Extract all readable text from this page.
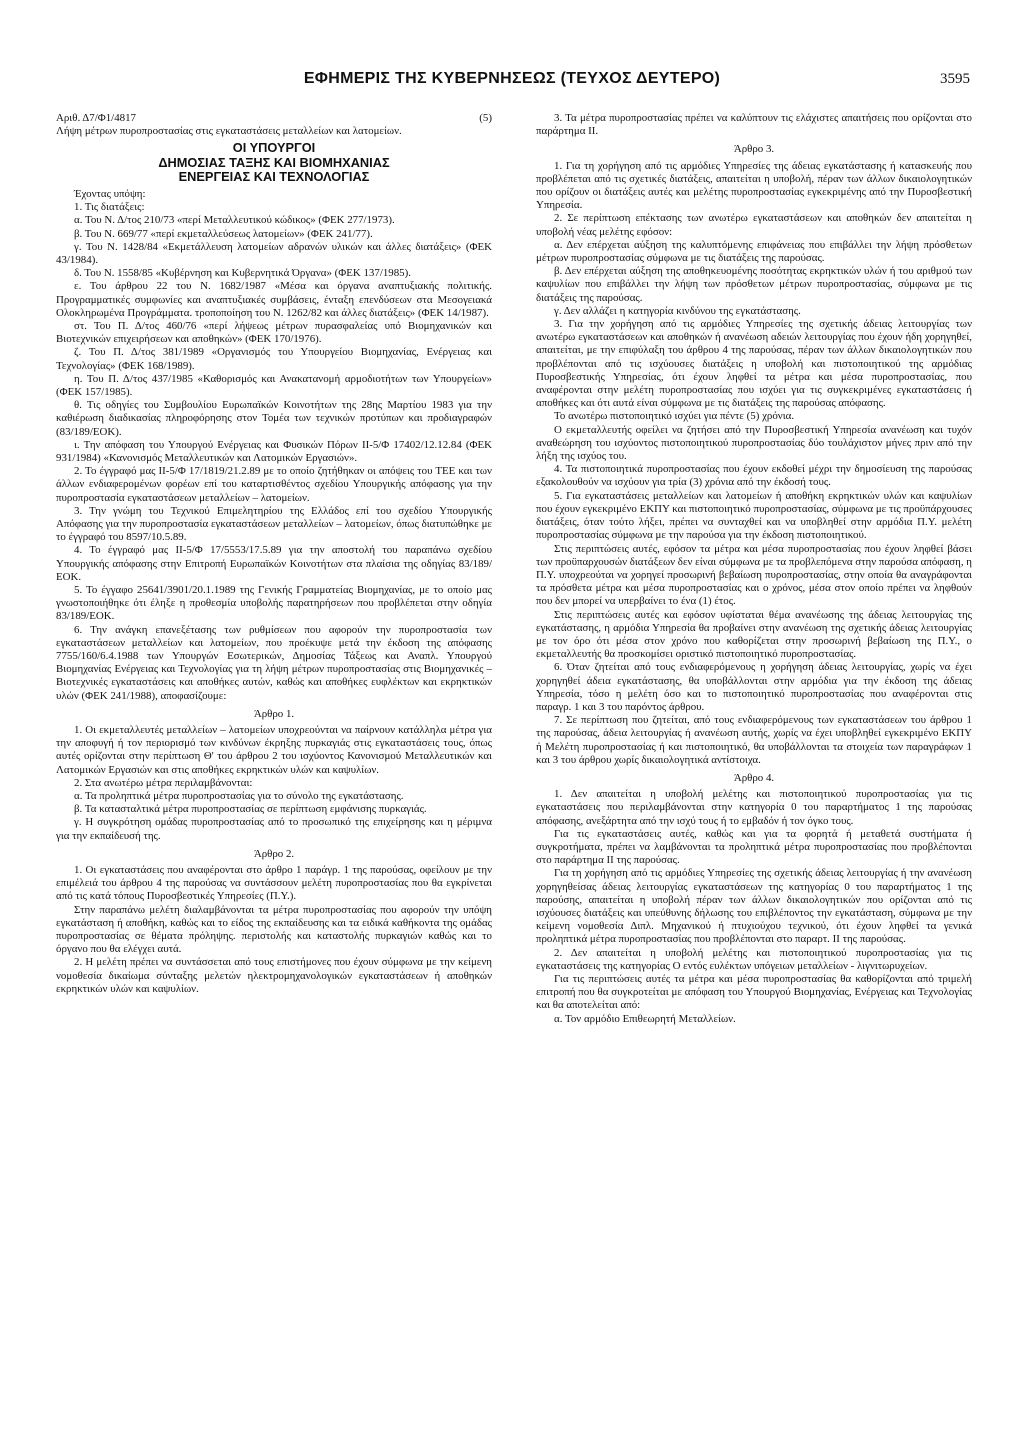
ΕΦΗΜΕΡΙΣ ΤΗΣ ΚΥΒΕΡΝΗΣΕΩΣ (ΤΕΥΧΟΣ ΔΕΥΤΕΡΟ)	3595
Αριθ. Δ7/Φ1/4817	(5)

Λήψη μέτρων πυροπροστασίας στις εγκαταστάσεις μεταλλείων και λατομείων.

ΟΙ ΥΠΟΥΡΓΟΙ
ΔΗΜΟΣΙΑΣ ΤΑΞΗΣ ΚΑΙ ΒΙΟΜΗΧΑΝΙΑΣ
ΕΝΕΡΓΕΙΑΣ ΚΑΙ ΤΕΧΝΟΛΟΓΙΑΣ

Έχοντας υπόψη:

1. Τις διατάξεις:

α. Του Ν. Δ/τος 210/73 «περί Μεταλλευτικού κώδικος» (ΦΕΚ 277/1973).

β. Του Ν. 669/77 «περί εκμεταλλεύσεως λατομείων» (ΦΕΚ 241/77).

γ. Του Ν. 1428/84 «Εκμετάλλευση λατομείων αδρανών υλικών και άλλες διατάξεις» (ΦΕΚ 43/1984).

δ. Του Ν. 1558/85 «Κυβέρνηση και Κυβερνητικά Όργανα» (ΦΕΚ 137/1985).

ε. Του άρθρου 22 του Ν. 1682/1987 «Μέσα και όργανα αναπτυξιακής πολιτικής. Προγραμματικές συμφωνίες και αναπτυξιακές συμβάσεις, ένταξη επενδύσεων στα Μεσογειακά Ολοκληρωμένα Προγράμματα. τροποποίηση του Ν. 1262/82 και άλλες διατάξεις» (ΦΕΚ 14/1987).

στ. Του Π. Δ/τος 460/76 «περί λήψεως μέτρων πυρασφαλείας υπό Βιομηχανικών και Βιοτεχνικών επιχειρήσεων και αποθηκών» (ΦΕΚ 170/1976).

ζ. Του Π. Δ/τος 381/1989 «Οργανισμός του Υπουργείου Βιομηχανίας, Ενέργειας και Τεχνολογίας» (ΦΕΚ 168/1989).

η. Του Π. Δ/τος 437/1985 «Καθορισμός και Ανακατανομή αρμοδιοτήτων των Υπουργείων» (ΦΕΚ 157/1985).

θ. Τις οδηγίες του Συμβουλίου Ευρωπαϊκών Κοινοτήτων της 28ης Μαρτίου 1983 για την καθιέρωση διαδικασίας πληροφόρησης στον Τομέα των τεχνικών προτύπων και προδιαγραφών (83/189/ΕΟΚ).

ι. Την απόφαση του Υπουργού Ενέργειας και Φυσικών Πόρων ΙΙ-5/Φ 17402/12.12.84 (ΦΕΚ 931/1984) «Κανονισμός Μεταλλευτικών και Λατομικών Εργασιών».

2. Το έγγραφό μας ΙΙ-5/Φ 17/1819/21.2.89 με το οποίο ζητήθηκαν οι απόψεις του ΤΕΕ και των άλλων ενδιαφερομένων φορέων επί του καταρτισθέντος σχεδίου Υπουργικής απόφασης για την πυροπροστασία εγκαταστάσεων μεταλλείων – λατομείων.

3. Την γνώμη του Τεχνικού Επιμελητηρίου της Ελλάδος επί του σχεδίου Υπουργικής Απόφασης για την πυροπροστασία εγκαταστάσεων μεταλλείων – λατομείων, όπως διατυπώθηκε με το έγγραφό του 8597/10.5.89.

4. Το έγγραφό μας ΙΙ-5/Φ 17/5553/17.5.89 για την αποστολή του παραπάνω σχεδίου Υπουργικής απόφασης στην Επιτροπή Ευρωπαϊκών Κοινοτήτων στα πλαίσια της οδηγίας 83/189/ΕΟΚ.

5. Το έγγαφο 25641/3901/20.1.1989 της Γενικής Γραμματείας Βιομηχανίας, με το οποίο μας γνωστοποιήθηκε ότι έληξε η προθεσμία υποβολής παρατηρήσεων που προβλέπεται στην οδηγία 83/189/ΕΟΚ.

6. Την ανάγκη επανεξέτασης των ρυθμίσεων που αφορούν την πυροπροστασία των εγκαταστάσεων μεταλλείων και λατομείων, που προέκυψε μετά την έκδοση της απόφασης 7755/160/6.4.1988 των Υπουργών Εσωτερικών, Δημοσίας Τάξεως και Αναπλ. Υπουργού Βιομηχανίας Ενέργειας και Τεχνολογίας για τη λήψη μέτρων πυροπροστασίας στις Βιομηχανικές – Βιοτεχνικές εγκαταστάσεις και αποθήκες αυτών, καθώς και αποθήκες ευφλέκτων και εκρηκτικών υλών (ΦΕΚ 241/1988), αποφασίζουμε:

Άρθρο 1.

1. Οι εκμεταλλευτές μεταλλείων – λατομείων υποχρεούνται να παίρνουν κατάλληλα μέτρα για την αποφυγή ή τον περιορισμό των κινδύνων έκρηξης πυρκαγιάς στις εγκαταστάσεις τους, όπως αυτές ορίζονται στην περίπτωση Θ' του άρθρου 2 του ισχύοντος Κανονισμού Μεταλλευτικών και Λατομικών Εργασιών και στις αποθήκες εκρηκτικών υλών και καψυλίων.

2. Στα ανωτέρω μέτρα περιλαμβάνονται:

α. Τα προληπτικά μέτρα πυροπροστασίας για το σύνολο της εγκατάστασης.

β. Τα κατασταλτικά μέτρα πυροπροστασίας σε περίπτωση εμφάνισης πυρκαγιάς.

γ. Η συγκρότηση ομάδας πυροπροστασίας από το προσωπικό της επιχείρησης και η μέριμνα για την εκπαίδευσή της.

Άρθρο 2.

1. Οι εγκαταστάσεις που αναφέρονται στο άρθρο 1 παράγρ. 1 της παρούσας, οφείλουν με την επιμέλειά του άρθρου 4 της παρούσας να συντάσσουν μελέτη πυροπροστασίας που θα εγκρίνεται από τις κατά τόπους Πυροσβεστικές Υπηρεσίες (Π.Υ.).

Στην παραπάνω μελέτη διαλαμβάνονται τα μέτρα πυροπροστασίας που αφορούν την υπόψη εγκατάσταση ή αποθήκη, καθώς και το είδος της εκπαίδευσης και τα ειδικά καθήκοντα της ομάδας πυροπροστασίας σε θέματα πρόληψης. περιστολής και καταστολής πυρκαγιών καθώς και το όργανο που θα ελέγχει αυτά.

2. Η μελέτη πρέπει να συντάσσεται από τους επιστήμονες που έχουν σύμφωνα με την κείμενη νομοθεσία δικαίωμα σύνταξης μελετών ηλεκτρομηχανολογικών εγκαταστάσεων ή αποθηκών εκρηκτικών υλών και καψυλίων.

3. Τα μέτρα πυροπροστασίας πρέπει να καλύπτουν τις ελάχιστες απαιτήσεις που ορίζονται στο παράρτημα ΙΙ.

Άρθρο 3.

1. Για τη χορήγηση από τις αρμόδιες Υπηρεσίες της άδειας εγκατάστασης ή κατασκευής που προβλέπεται από τις σχετικές διατάξεις, απαιτείται η υποβολή, πέραν των άλλων δικαιολογητικών που ορίζουν οι διατάξεις αυτές και μελέτης πυροπροστασίας εγκεκριμένης από την Πυροσβεστική Υπηρεσία.

2. Σε περίπτωση επέκτασης των ανωτέρω εγκαταστάσεων και αποθηκών δεν απαιτείται η υποβολή νέας μελέτης εφόσον:

α. Δεν επέρχεται αύξηση της καλυπτόμενης επιφάνειας που επιβάλλει την λήψη πρόσθετων μέτρων πυροπροστασίας σύμφωνα με τις διατάξεις της παρούσας.

β. Δεν επέρχεται αύξηση της αποθηκευομένης ποσότητας εκρηκτικών υλών ή του αριθμού των καψυλίων που επιβάλλει την λήψη των πρόσθετων μέτρων πυροπροστασίας, σύμφωνα με τις διατάξεις της παρούσας.

γ. Δεν αλλάζει η κατηγορία κινδύνου της εγκατάστασης.

3. Για την χορήγηση από τις αρμόδιες Υπηρεσίες της σχετικής άδειας λειτουργίας των ανωτέρω εγκαταστάσεων και αποθηκών ή ανανέωση αδειών λειτουργίας που έχουν ήδη χορηγηθεί, απαιτείται, με την επιφύλαξη του άρθρου 4 της παρούσας, πέραν των άλλων δικαιολογητικών που προβλέπονται από τις ισχύουσες διατάξεις η υποβολή και πιστοποιητικού της αρμόδιας Πυροσβεστικής Υπηρεσίας, ότι έχουν ληφθεί τα μέτρα και μέσα πυροπροστασίας, που αναφέρονται στην μελέτη πυροπροστασίας που ισχύει για τις συγκεκριμένες εγκαταστάσεις ή αποθήκες και ότι αυτά είναι σύμφωνα με τις διατάξεις της παρούσας απόφασης.

Το ανωτέρω πιστοποιητικό ισχύει για πέντε (5) χρόνια.

Ο εκμεταλλευτής οφείλει να ζητήσει από την Πυροσβεστική Υπηρεσία ανανέωση και τυχόν αναθεώρηση του ισχύοντος πιστοποιητικού πυροπροστασίας δύο τουλάχιστον μήνες πριν από την λήξη της ισχύος του.

4. Τα πιστοποιητικά πυροπροστασίας που έχουν εκδοθεί μέχρι την δημοσίευση της παρούσας εξακολουθούν να ισχύουν για τρία (3) χρόνια από την έκδοσή τους.

5. Για εγκαταστάσεις μεταλλείων και λατομείων ή αποθήκη εκρηκτικών υλών και καψυλίων που έχουν εγκεκριμένο ΕΚΠΥ και πιστοποιητικό πυροπροστασίας, σύμφωνα με τις προϋπάρχουσες διατάξεις, όταν τούτο λήξει, πρέπει να συνταχθεί και να υποβληθεί στην αρμόδια Π.Υ. μελέτη πυροπροστασίας σύμφωνα με την παρούσα για την έκδοση πιστοποιητικού.

Στις περιπτώσεις αυτές, εφόσον τα μέτρα και μέσα πυροπροστασίας που έχουν ληφθεί βάσει των προϋπαρχουσών διατάξεων δεν είναι σύμφωνα με τα προβλεπόμενα στην παρούσα απόφαση, η Π.Υ. υποχρεούται να χορηγεί προσωρινή βεβαίωση πυροπροστασίας, στην οποία θα αναγράφονται τα πρόσθετα μέτρα και μέσα πυροπροστασίας και ο χρόνος, μέσα στον οποίο πρέπει να ληφθούν που δεν μπορεί να υπερβαίνει το ένα (1) έτος.

Στις περιπτώσεις αυτές και εφόσον υφίσταται θέμα ανανέωσης της άδειας λειτουργίας της εγκατάστασης, η αρμόδια Υπηρεσία θα προβαίνει στην ανανέωση της σχετικής άδειας λειτουργίας με τον όρο ότι μέσα στον χρόνο που καθορίζεται στην προσωρινή βεβαίωση της Π.Υ., ο εκμεταλλευτής θα προσκομίσει οριστικό πιστοποιητικό πυροπροστασίας.

6. Όταν ζητείται από τους ενδιαφερόμενους η χορήγηση άδειας λειτουργίας, χωρίς να έχει χορηγηθεί άδεια εγκατάστασης, θα υποβάλλονται στην αρμόδια για την έκδοση της άδειας Υπηρεσία, τόσο η μελέτη όσο και το πιστοποιητικό πυροπροστασίας που αναφέρονται στις παραγρ. 1 και 3 του παρόντος άρθρου.

7. Σε περίπτωση που ζητείται, από τους ενδιαφερόμενους των εγκαταστάσεων του άρθρου 1 της παρούσας, άδεια λειτουργίας ή ανανέωση αυτής, χωρίς να έχει υποβληθεί εγκεκριμένο ΕΚΠΥ ή Μελέτη πυροπροστασίας ή και πιστοποιητικό, θα υποβάλλονται τα στοιχεία των παραγράφων 1 και 3 του άρθρου χωρίς δικαιολογητικά αντίστοιχα.

Άρθρο 4.

1. Δεν απαιτείται η υποβολή μελέτης και πιστοποιητικού πυροπροστασίας για τις εγκαταστάσεις που περιλαμβάνονται στην κατηγορία 0 του παραρτήματος 1 της παρούσας απόφασης, ανεξάρτητα από την ισχύ τους ή το εμβαδόν ή τον όγκο τους.

Για τις εγκαταστάσεις αυτές, καθώς και για τα φορητά ή μεταθετά συστήματα ή συγκροτήματα, πρέπει να λαμβάνονται τα προληπτικά μέτρα πυροπροστασίας που προβλέπονται στο παράρτημα ΙΙ της παρούσας.

Για τη χορήγηση από τις αρμόδιες Υπηρεσίες της σχετικής άδειας λειτουργίας ή την ανανέωση χορηγηθείσας άδειας λειτουργίας εγκαταστάσεων της κατηγορίας 0 του παραρτήματος 1 της παρούσης, απαιτείται η υποβολή πέραν των άλλων δικαιολογητικών που ορίζονται από τις ισχύουσες διατάξεις και υπεύθυνης δήλωσης του επιβλέποντος την εγκατάσταση, σύμφωνα με την κείμενη νομοθεσία Διπλ. Μηχανικού ή πτυχιούχου τεχνικού, ότι έχουν ληφθεί τα γενικά προληπτικά μέτρα πυροπροστασίας που προβλέπονται στο παραρτ. ΙΙ της παρούσας.

2. Δεν απαιτείται η υποβολή μελέτης και πιστοποιητικού πυροπροστασίας για τις εγκαταστάσεις της κατηγορίας Ο εντός ευλέκτων υπόγειων μεταλλείων - λιγνιτωρυχείων.

Για τις περιπτώσεις αυτές τα μέτρα και μέσα πυροπροστασίας θα καθορίζονται από τριμελή επιτροπή που θα συγκροτείται με απόφαση του Υπουργού Βιομηχανίας, Ενέργειας και Τεχνολογίας και θα αποτελείται από:

α. Τον αρμόδιο Επιθεωρητή Μεταλλείων.
